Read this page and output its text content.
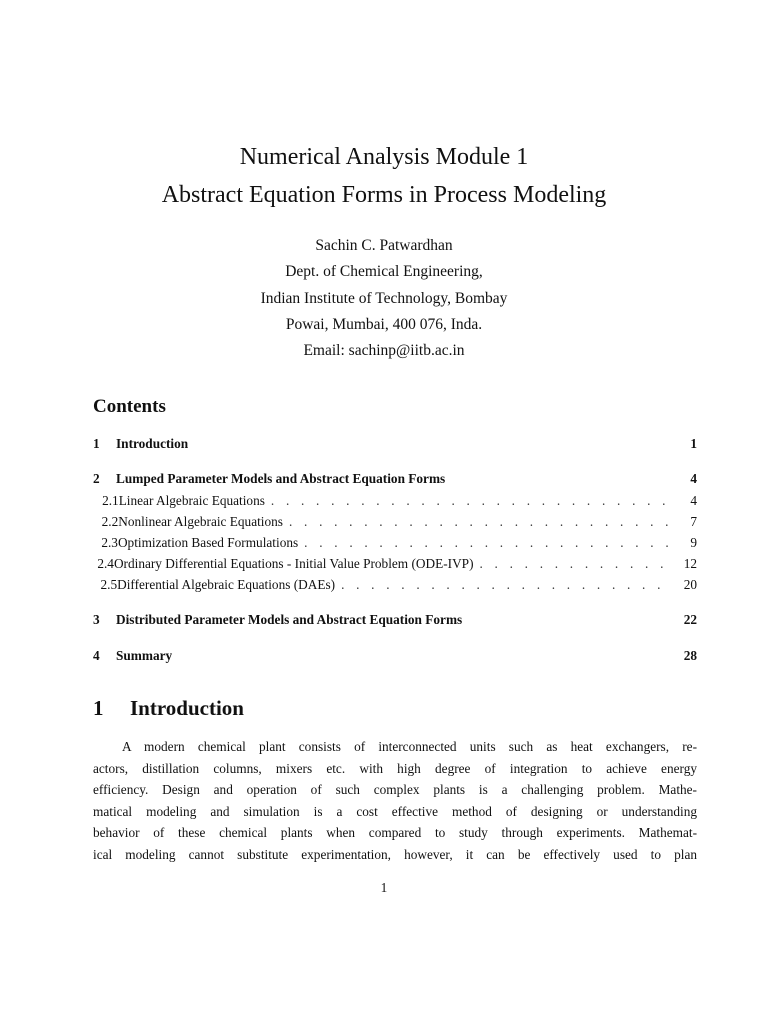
Numerical Analysis Module 1
Abstract Equation Forms in Process Modeling
Sachin C. Patwardhan
Dept. of Chemical Engineering,
Indian Institute of Technology, Bombay
Powai, Mumbai, 400 076, Inda.
Email: sachinp@iitb.ac.in
Contents
1	Introduction	1
2	Lumped Parameter Models and Abstract Equation Forms	4
2.1 Linear Algebraic Equations . . .	4
2.2 Nonlinear Algebraic Equations . . .	7
2.3 Optimization Based Formulations . . .	9
2.4 Ordinary Differential Equations - Initial Value Problem (ODE-IVP) . . .	12
2.5 Differential Algebraic Equations (DAEs) . . .	20
3	Distributed Parameter Models and Abstract Equation Forms	22
4	Summary	28
1	Introduction
A modern chemical plant consists of interconnected units such as heat exchangers, re-
actors, distillation columns, mixers etc. with high degree of integration to achieve energy
efficiency. Design and operation of such complex plants is a challenging problem. Mathe-
matical modeling and simulation is a cost effective method of designing or understanding
behavior of these chemical plants when compared to study through experiments. Mathemat-
ical modeling cannot substitute experimentation, however, it can be effectively used to plan
1
